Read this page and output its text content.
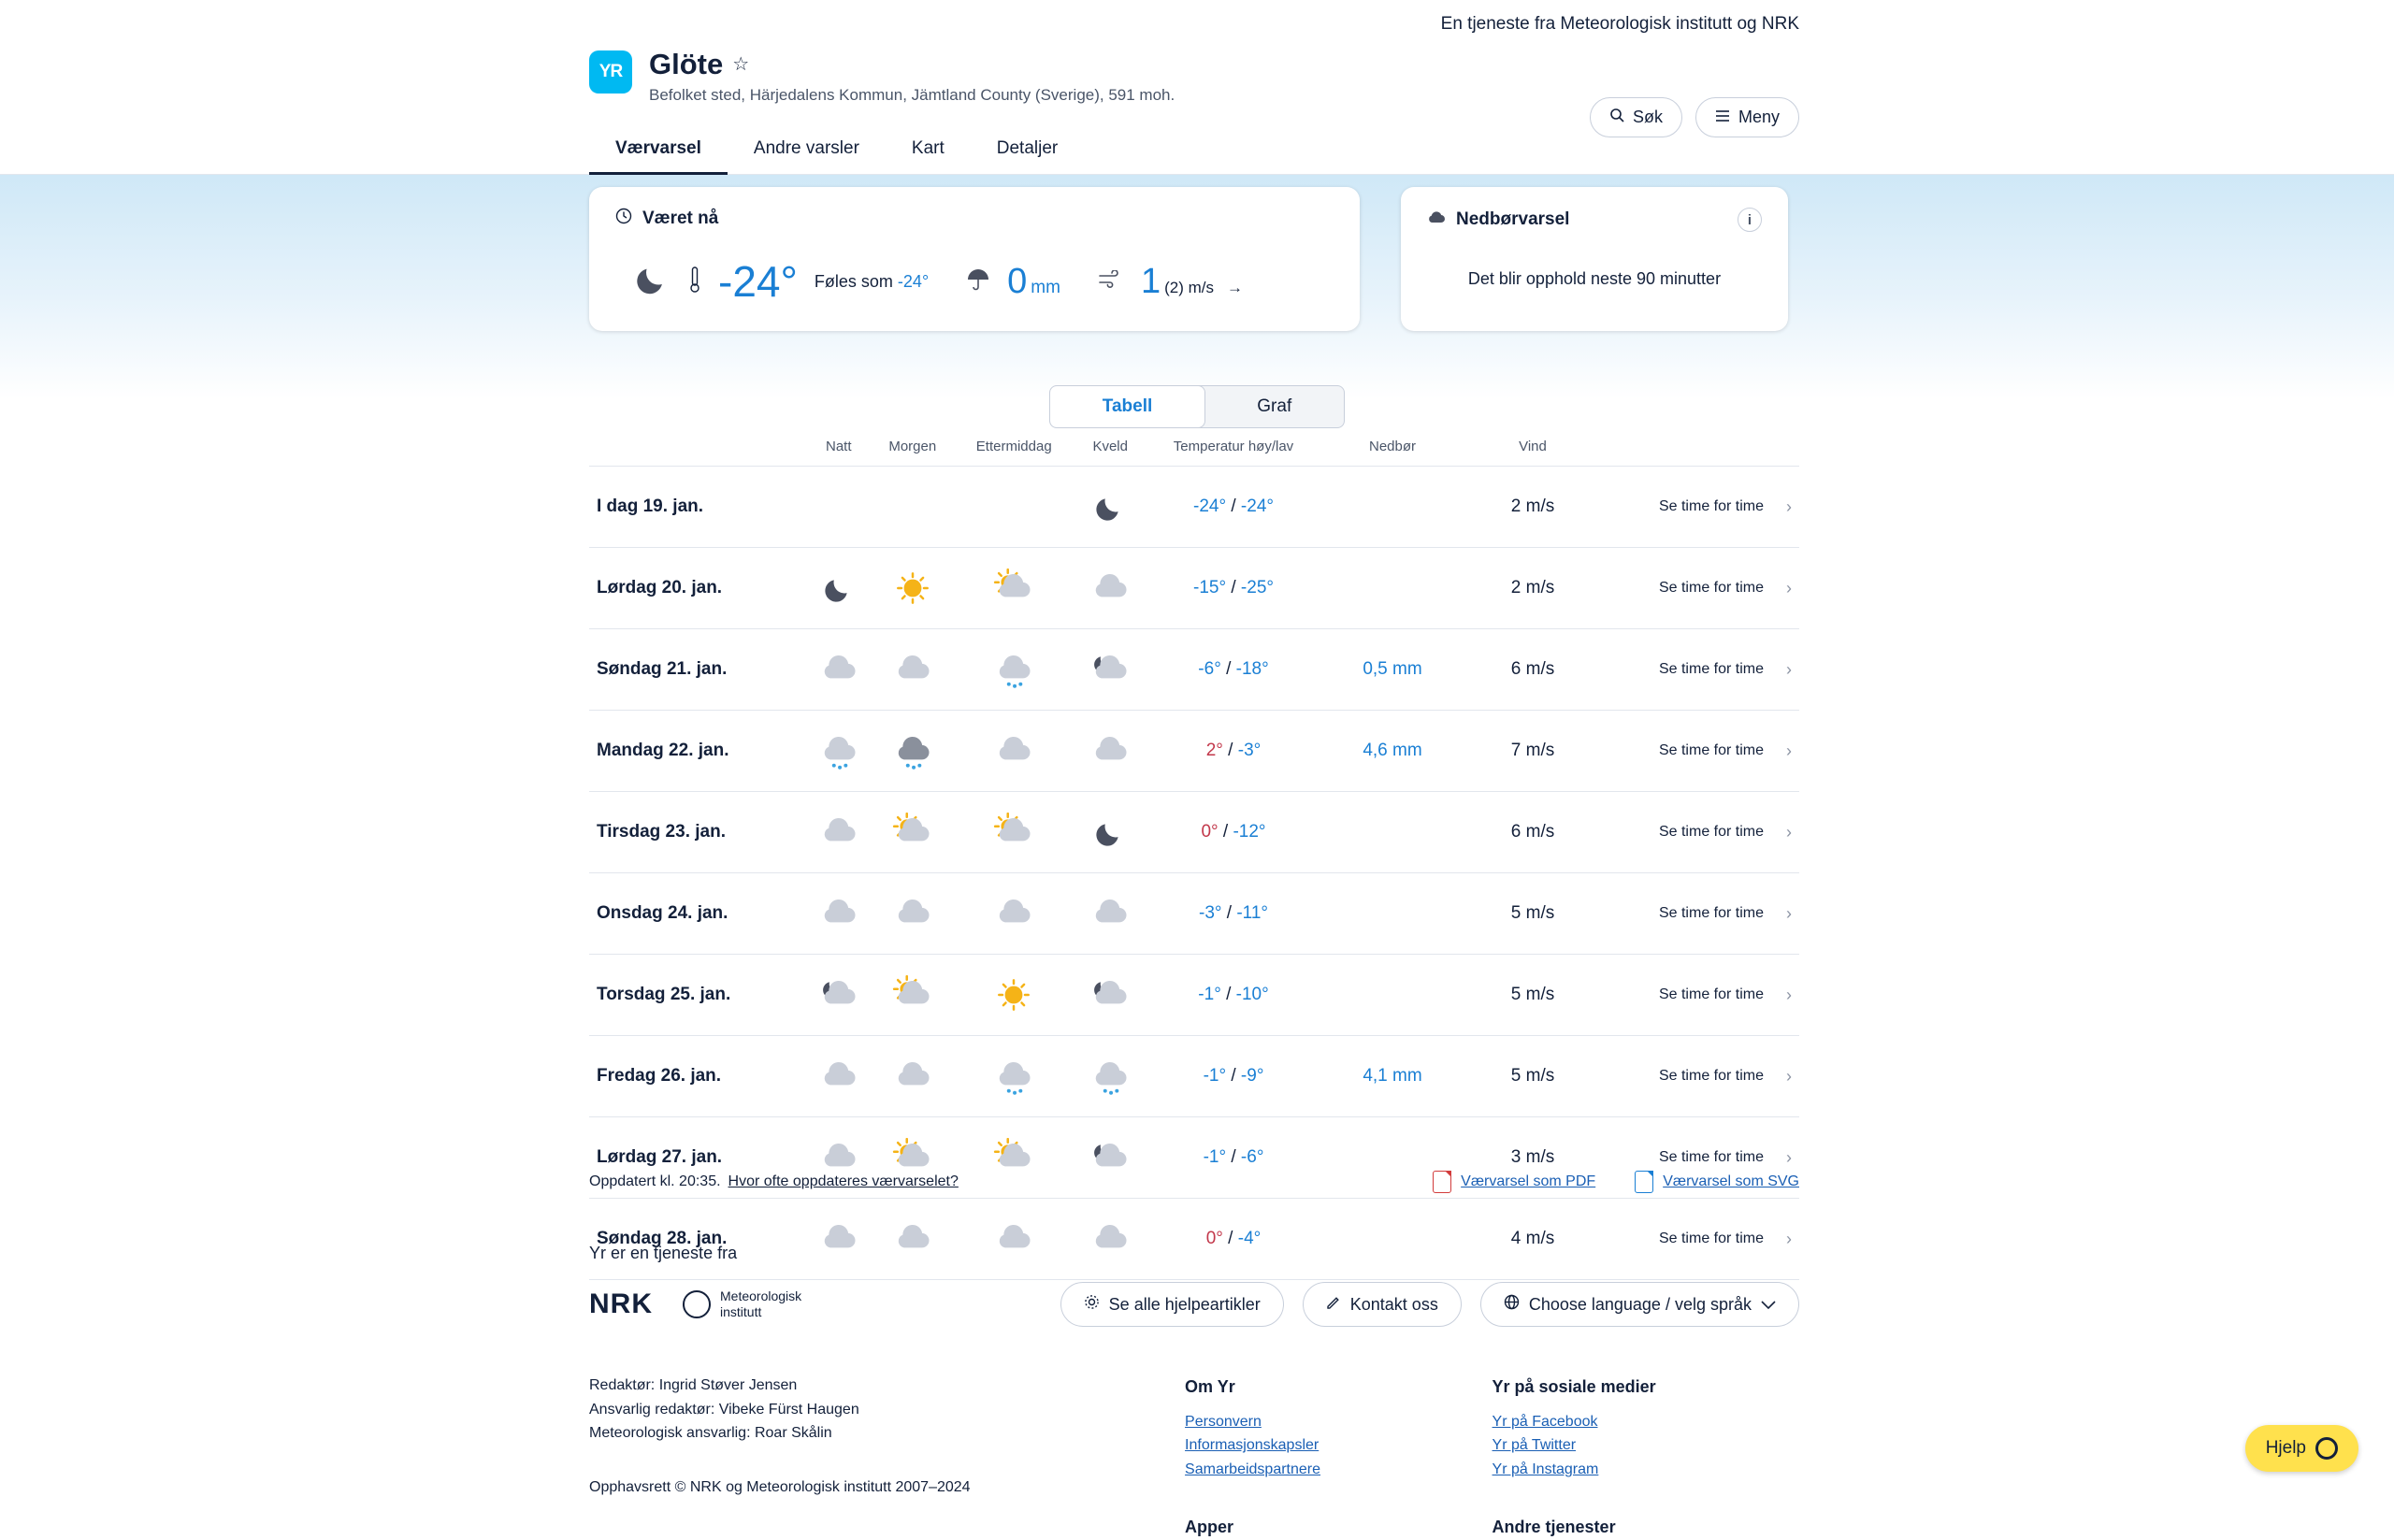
En tjeneste fra Meteorologisk institutt og NRK
YR Glöte ☆
Befolket sted, Härjedalens Kommun, Jämtland County (Sverige), 591 moh.
Søk	Meny
Værvarsel	Andre varsler	Kart	Detaljer
Været nå
-24° Føles som -24° 0 mm 1 (2) m/s →
Nedbørvarsel	i
Det blir opphold neste 90 minutter
Tabell	Graf
	Natt	Morgen	Ettermiddag	Kveld	Temperatur høy/lav	Nedbør	Vind	
I dag 19. jan.					-24° / -24°		2 m/s	Se time for time ›

Lørdag 20. jan.					-15° / -25°		2 m/s	Se time for time ›

Søndag 21. jan.					-6° / -18°	0,5 mm	6 m/s	Se time for time ›

Mandag 22. jan.					2° / -3°	4,6 mm	7 m/s	Se time for time ›

Tirsdag 23. jan.					0° / -12°		6 m/s	Se time for time ›

Onsdag 24. jan.					-3° / -11°		5 m/s	Se time for time ›

Torsdag 25. jan.					-1° / -10°		5 m/s	Se time for time ›

Fredag 26. jan.					-1° / -9°	4,1 mm	5 m/s	Se time for time ›

Lørdag 27. jan.					-1° / -6°		3 m/s	Se time for time ›

Søndag 28. jan.					0° / -4°		4 m/s	Se time for time ›
Oppdatert kl. 20:35. Hvor ofte oppdateres værvarselet?	Værvarsel som PDF	Værvarsel som SVG
Yr er en tjeneste fra
NRK	Meteorologisk
institutt	Se alle hjelpeartikler	Kontakt oss	Choose language / velg språk
Redaktør: Ingrid Støver Jensen
Ansvarlig redaktør: Vibeke Fürst Haugen
Meteorologisk ansvarlig: Roar Skålin
Opphavsrett © NRK og Meteorologisk institutt 2007–2024
Om Yr
Personvern
Informasjonskapsler
Samarbeidspartnere
Apper
Yr på sosiale medier
Yr på Facebook
Yr på Twitter
Yr på Instagram
Andre tjenester
Hjelp
